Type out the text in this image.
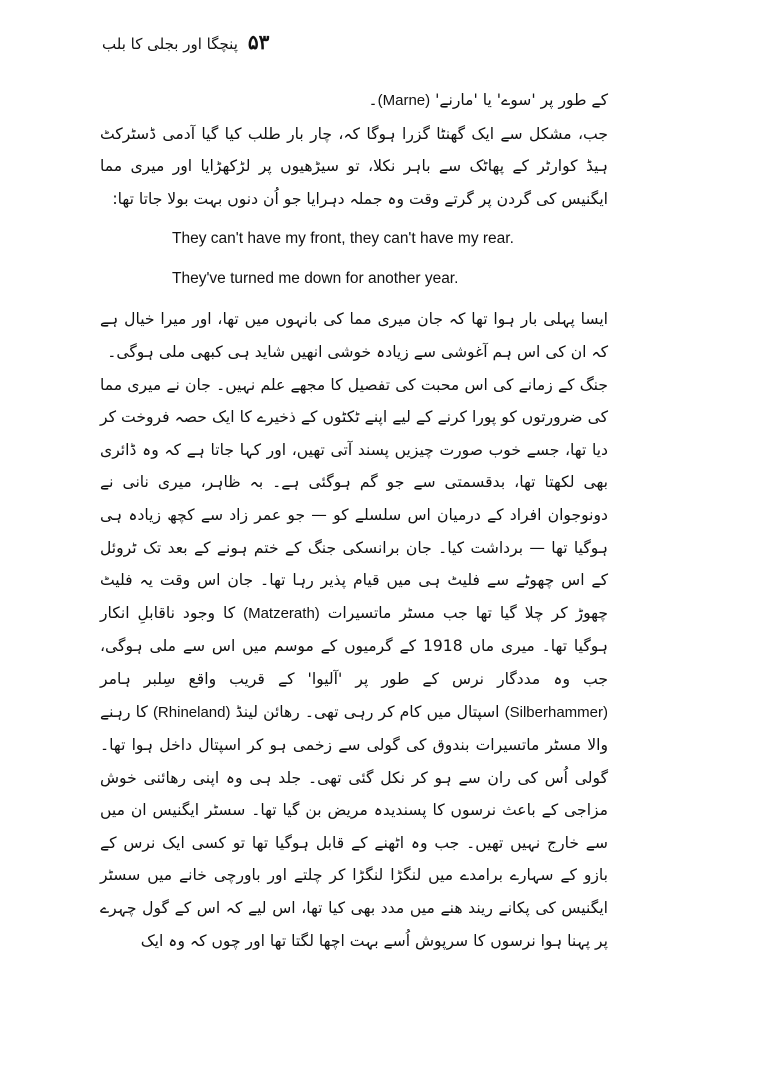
۵۳
پنچگا اور بجلی کا بلب

کے طور پر 'سوے' یا 'مارنے' (Marne)۔

جب، مشکل سے ایک گھنٹا گزرا ہوگا کہ، چار بار طلب کیا گیا آدمی ڈسٹرکٹ ہیڈ کوارٹر کے پھاٹک سے باہر نکلا، تو سیڑھیوں پر لڑکھڑایا اور میری مما ایگنیس کی گردن پر گرتے وقت وہ جملہ دہرایا جو اُن دنوں بہت بولا جاتا تھا:

They can't have my front, they can't have my rear.
They've turned me down for another year.

ایسا پہلی بار ہوا تھا کہ جان میری مما کی بانہوں میں تھا، اور میرا خیال ہے کہ ان کی اس ہم آغوشی سے زیادہ خوشی انھیں شاید ہی کبھی ملی ہوگی۔

جنگ کے زمانے کی اس محبت کی تفصیل کا مجھے علم نہیں۔ جان نے میری مما کی ضرورتوں کو پورا کرنے کے لیے اپنے ٹکٹوں کے ذخیرے کا ایک حصہ فروخت کر دیا تھا، جسے خوب صورت چیزیں پسند آتی تھیں، اور کہا جاتا ہے کہ وہ ڈائری بھی لکھتا تھا، بدقسمتی سے جو گم ہوگئی ہے۔ بہ ظاہر، میری نانی نے دونوجوان افراد کے درمیان اس سلسلے کو — جو عمر زاد سے کچھ زیادہ ہی ہوگیا تھا — برداشت کیا۔ جان برانسکی جنگ کے ختم ہونے کے بعد تک ٹروئل کے اس چھوٹے سے فلیٹ ہی میں قیام پذیر رہا تھا۔ جان اس وقت یہ فلیٹ چھوڑ کر چلا گیا تھا جب مسٹر ماتسیرات (Matzerath) کا وجود ناقابلِ انکار ہوگیا تھا۔ میری ماں 1918 کے گرمیوں کے موسم میں اس سے ملی ہوگی، جب وہ مددگار نرس کے طور پر 'آلیوا' کے قریب واقع سِلبر ہامر (Silberhammer) اسپتال میں کام کر رہی تھی۔ رھائن لینڈ (Rhineland) کا رہنے والا مسٹر ماتسیرات بندوق کی گولی سے زخمی ہو کر اسپتال داخل ہوا تھا۔ گولی اُس کی ران سے ہو کر نکل گئی تھی۔ جلد ہی وہ اپنی رھائنی خوش مزاجی کے باعث نرسوں کا پسندیدہ مریض بن گیا تھا۔ سسٹر ایگنیس ان میں سے خارج نہیں تھیں۔ جب وہ اٹھنے کے قابل ہوگیا تھا تو کسی ایک نرس کے بازو کے سہارے برامدے میں لنگڑا لنگڑا کر چلتے اور باورچی خانے میں سسٹر ایگنیس کی پکانے ریند ھنے میں مدد بھی کیا تھا، اس لیے کہ اس کے گول چہرے پر پہنا ہوا نرسوں کا سرپوش اُسے بہت اچھا لگتا تھا اور چوں کہ وہ ایک
